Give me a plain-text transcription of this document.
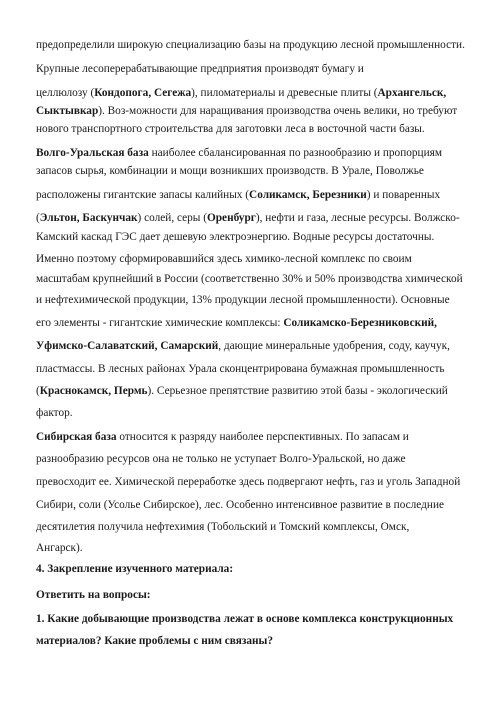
предопределили широкую специализацию базы на продукцию лесной промышленности.
Крупные лесоперерабатывающие предприятия производят бумагу и
целлюлозу (Кондопога, Сегежа), пиломатериалы и древесные плиты (Архангельск,
Сыктывкар). Воз-можности для наращивания производства очень велики, но требуют
нового транспортного строительства для заготовки леса в восточной части базы.
Волго-Уральская база наиболее сбалансированная по разнообразию и пропорциям
запасов сырья, комбинации и мощи возникших производств. В Урале, Поволжье
расположены гигантские запасы калийных (Соликамск, Березники) и поваренных
(Эльтон, Баскунчак) солей, серы (Оренбург), нефти и газа, лесные ресурсы. Волжско-
Камский каскад ГЭС дает дешевую электроэнергию. Водные ресурсы достаточны.
Именно поэтому сформировавшийся здесь химико-лесной комплекс по своим
масштабам крупнейший в России (соответственно 30% и 50% производства химической
и нефтехимической продукции, 13% продукции лесной промышленности). Основные
его элементы - гигантские химические комплексы: Соликамско-Березниковский,
Уфимско-Салаватский, Самарский, дающие минеральные удобрения, соду, каучук,
пластмассы. В лесных районах Урала сконцентрирована бумажная промышленность
(Краснокамск, Пермь). Серьезное препятствие развитию этой базы - экологический
фактор.
Сибирская база относится к разряду наиболее перспективных. По запасам и
разнообразию ресурсов она не только не уступает Волго-Уральской, но даже
превосходит ее. Химической переработке здесь подвергают нефть, газ и уголь Западной
Сибири, соли (Усолье Сибирское), лес. Особенно интенсивное развитие в последние
десятилетия получила нефтехимия (Тобольский и Томский комплексы, Омск,
Ангарск).
4. Закрепление изученного материала:
Ответить на вопросы:
1. Какие добывающие производства лежат в основе комплекса конструкционных
материалов? Какие проблемы с ним связаны?
